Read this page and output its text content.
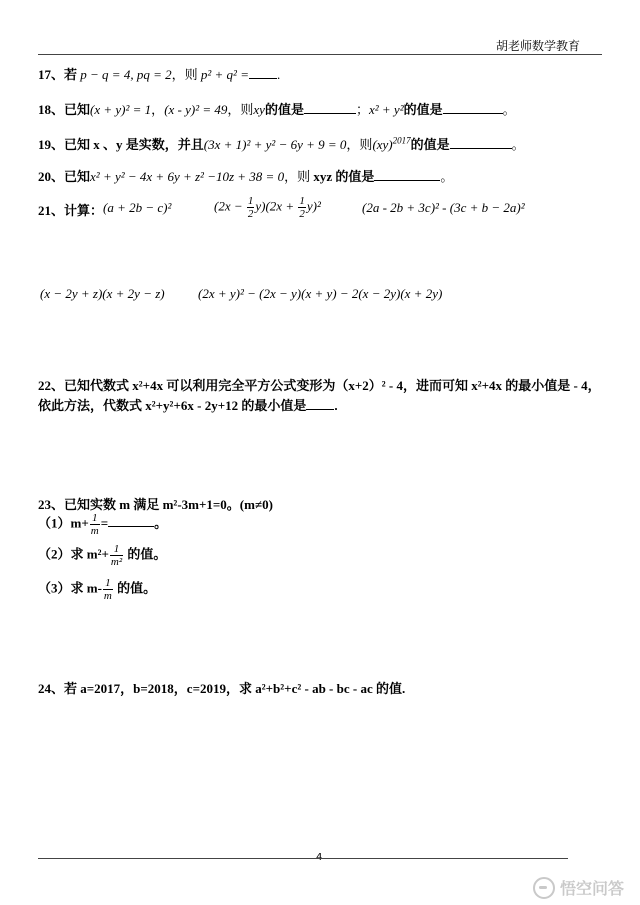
胡老师数学教育
17、若 p − q = 4, pq = 2，则 p² + q² = .
18、已知(x + y)² = 1，(x - y)² = 49，则xy的值是	；x² + y²的值是	。
19、已知 x 、y 是实数，并且(3x + 1)² + y² − 6y + 9 = 0，则(xy)$^{2017}$的值是	。
20、已知x² + y² − 4x + 6y + z² −10z + 38 = 0，则 xyz 的值是	。
21、计算： (a + 2b − c)²	$(2x - \frac{1}{2} y)(2x + \frac{1}{2} y)^2$	(2a - 2b + 3c)² - (3c + b − 2a)²
(x − 2y + z)(x + 2y − z)	(2x + y)² − (2x − y)(x + y) − 2(x − 2y)(x + 2y)
22、已知代数式 x²+4x 可以利用完全平方公式变形为（x+2）² - 4，进而可知 x²+4x 的最小值是 - 4，
依此方法，代数式 x²+y²+6x - 2y+12 的最小值是 .
23、已知实数 m 满足 m²-3m+1=0。(m≠0)
$(1)m+ \frac{1}{m}$ =	。
（2）求 $m^2+ \frac{1}{\text{m²}}$ 的值。
（3）求 $m- \frac{1}{m}$ 的值。
24、若 a=2017，b=2018，c=2019，求 a²+b²+c² - ab - bc - ac 的值.
4
悟空问答
